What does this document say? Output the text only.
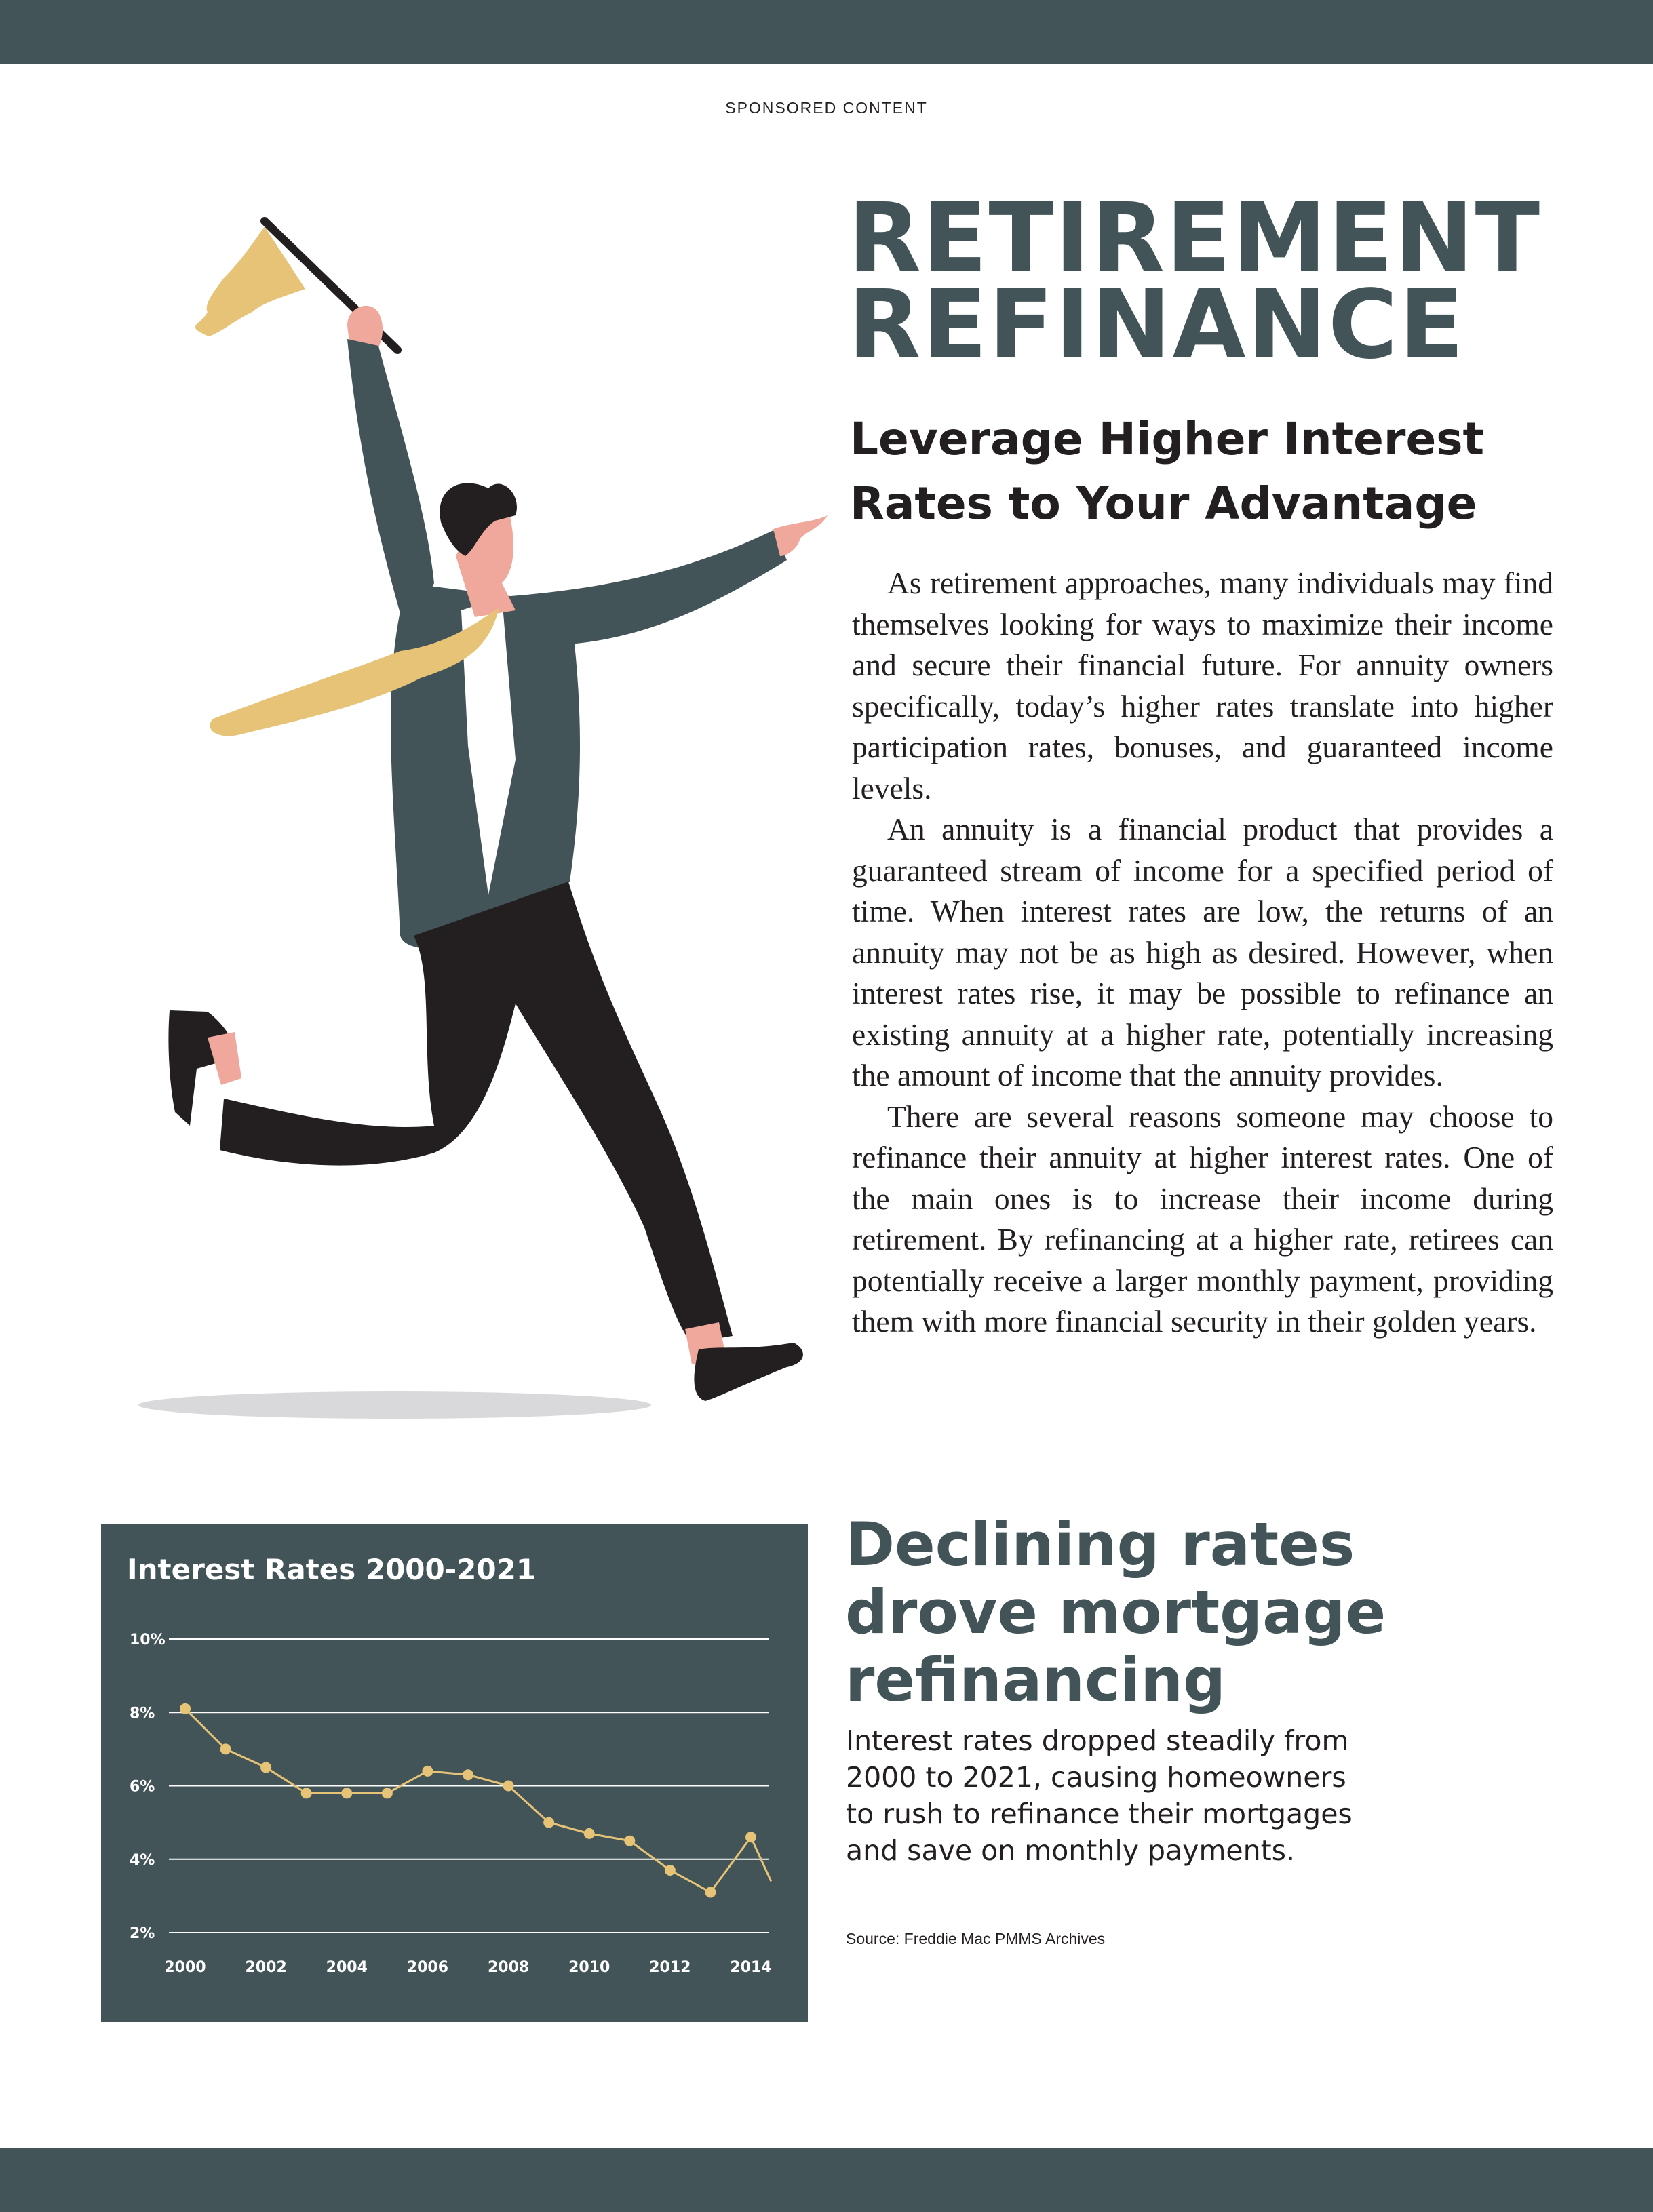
SPONSORED CONTENT
RETIREMENT
REFINANCE
Leverage Higher Interest Rates to Your Advantage

As retirement approaches, many individuals may find themselves looking for ways to maximize their income and secure their financial future. For annuity owners specifically, today’s higher rates translate into higher participation rates, bonuses, and guaranteed income levels.

An annuity is a financial product that provides a guaranteed stream of income for a specified period of time. When interest rates are low, the returns of an annuity may not be as high as desired. However, when interest rates rise, it may be possible to refinance an existing annuity at a higher rate, potentially increasing the amount of income that the annuity provides.

There are several reasons someone may choose to refinance their annuity at higher interest rates. One of the main ones is to increase their income during retirement. By refinancing at a higher rate, retirees can potentially receive a larger monthly payment, providing them with more financial security in their golden years.

Interest Rates 2000-2021
2%
4%
6%
8%
10%
2000	2002	2004	2006	2008	2010	2012	2014
Declining rates
drove mortgage
refinancing

Interest rates dropped steadily from 2000 to 2021, causing homeowners to rush to refinance their mortgages and save on monthly payments.

Source: Freddie Mac PMMS Archives
